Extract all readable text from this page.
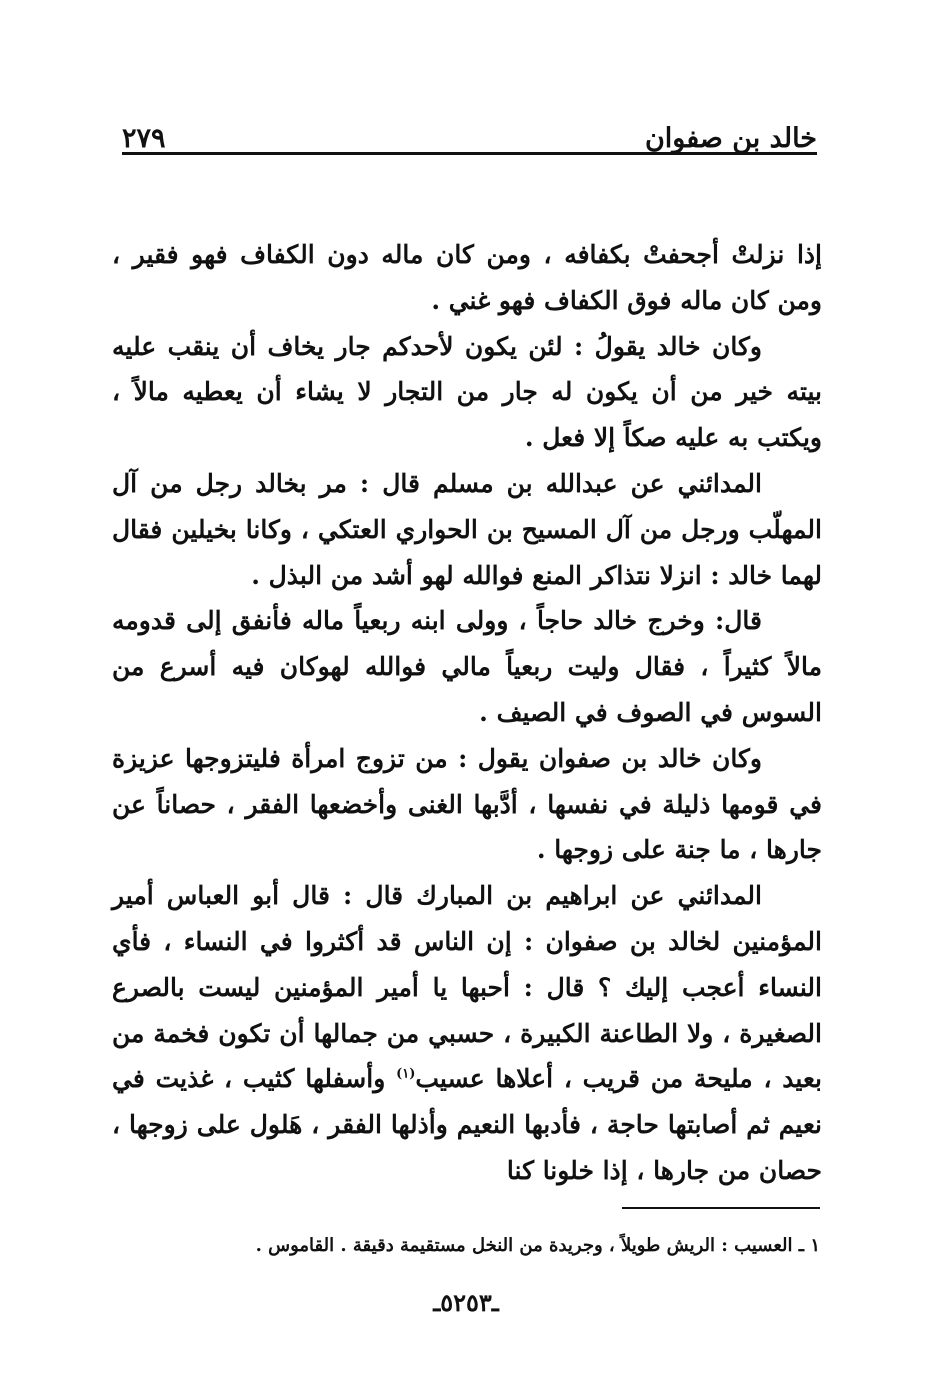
خالد بن صفوان
٢٧٩

إذا نزلتْ أجحفتْ بكفافه ، ومن كان ماله دون الكفاف فهو فقير ، ومن كان ماله فوق الكفاف فهو غني .

وكان خالد يقولُ : لئن يكون لأحدكم جار يخاف أن ينقب عليه بيته خير من أن يكون له جار من التجار لا يشاء أن يعطيه مالاً ، ويكتب به عليه صكاً إلا فعل .

المدائني عن عبدالله بن مسلم قال : مر بخالد رجل من آل المهلّب ورجل من آل المسيح بن الحواري العتكي ، وكانا بخيلين فقال لهما خالد : انزلا نتذاكر المنع فوالله لهو أشد من البذل .

قال: وخرج خالد حاجاً ، وولى ابنه ربعياً ماله فأنفق إلى قدومه مالاً كثيراً ، فقال وليت ربعياً مالي فوالله لهوكان فيه أسرع من السوس في الصوف في الصيف .

وكان خالد بن صفوان يقول : من تزوج امرأة فليتزوجها عزيزة في قومها ذليلة في نفسها ، أدَّبها الغنى وأخضعها الفقر ، حصاناً عن جارها ، ما جنة على زوجها .

المدائني عن ابراهيم بن المبارك قال : قال أبو العباس أمير المؤمنين لخالد بن صفوان : إن الناس قد أكثروا في النساء ، فأي النساء أعجب إليك ؟ قال : أحبها يا أمير المؤمنين ليست بالصرع الصغيرة ، ولا الطاعنة الكبيرة ، حسبي من جمالها أن تكون فخمة من بعيد ، مليحة من قريب ، أعلاها عسيب$^{(١)}$ وأسفلها كثيب ، غذيت في نعيم ثم أصابتها حاجة ، فأدبها النعيم وأذلها الفقر ، هَلول على زوجها ، حصان من جارها ، إذا خلونا كنا

١ ـ العسيب : الريش طويلاً ، وجريدة من النخل مستقيمة دقيقة . القاموس .
ـ٥٢٥٣ـ
